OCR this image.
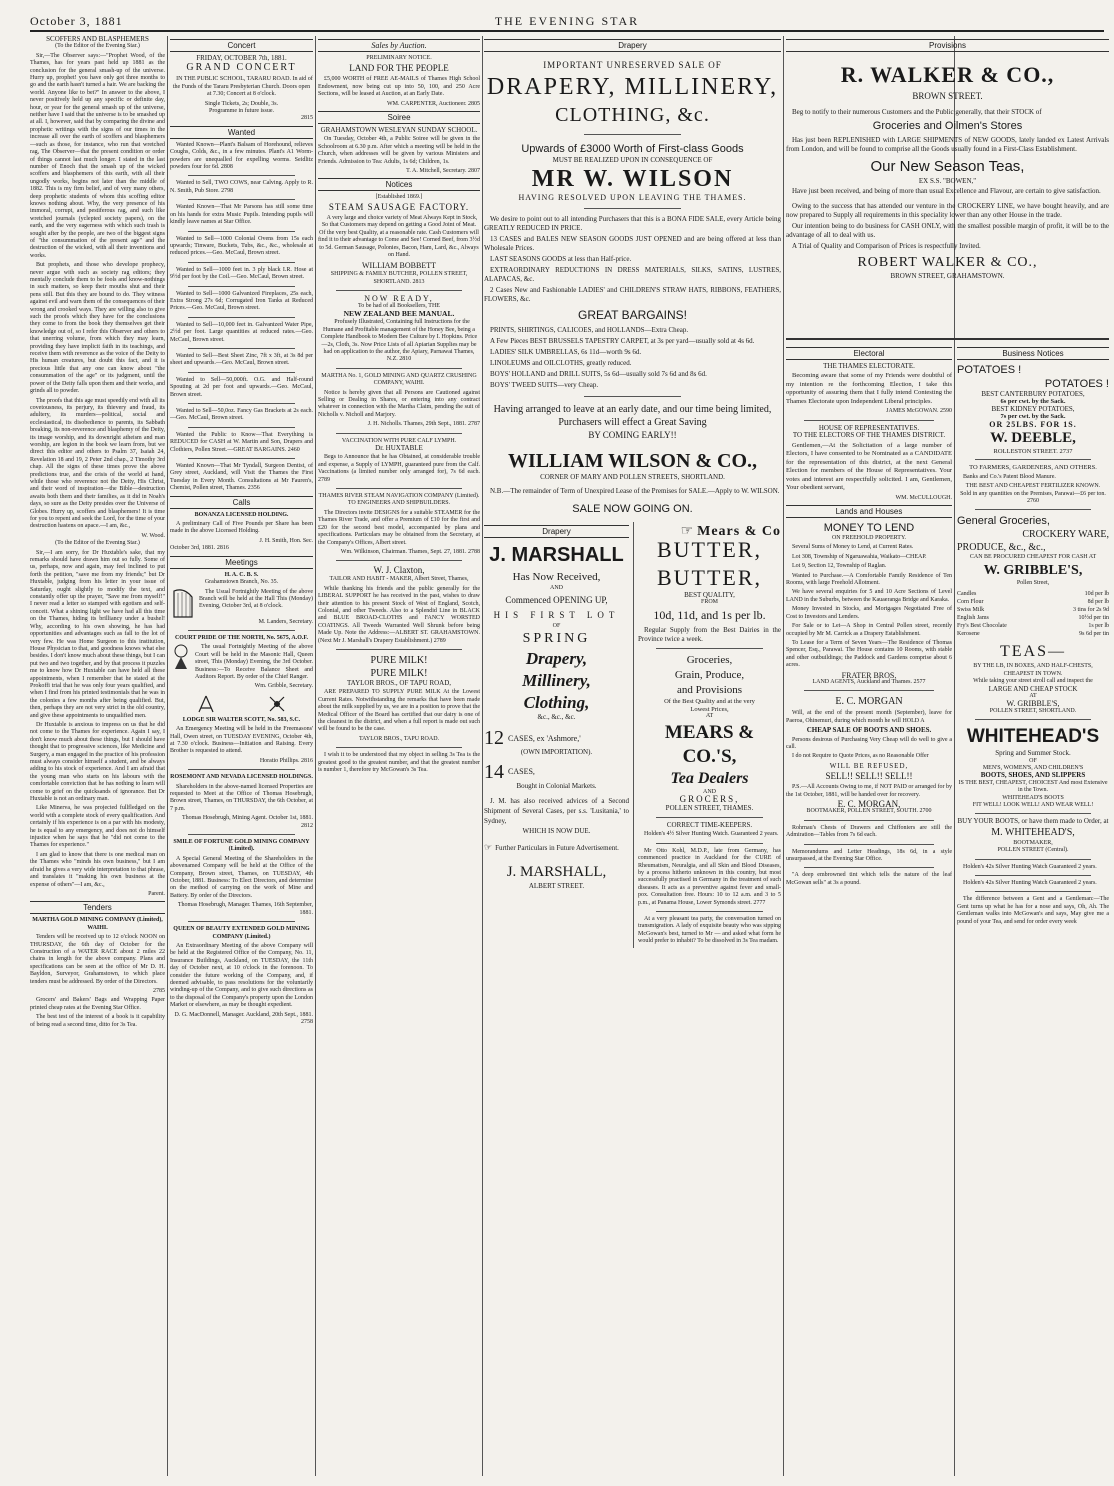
October 3, 1881	THE EVENING STAR
SCOFFERS AND BLASPHEMERS
(To the Editor of the Evening Star.)

Sir,—The Observer says:—"Prophet Wood, of the Thames, has for years past held up 1881 as the conclusion for the general smash-up of the universe. Hurry up, prophet! you have only got three months to go and the earth hasn't turned a hair. We are backing the world. Anyone like to bet?" In answer to the above, I never positively held up any specific or definite day, hour, or year for the general smash up of the universe, neither have I said that the universe is to be smashed up at all. I, however, said that by comparing the divine and prophetic writings with the signs of our times in the increase all over the earth of scoffers and blasphemers—such as those, for instance, who run that wretched rag, The Observer—that the present condition or order of things cannot last much longer. I stated in the last number of Enoch that the smash up of the wicked scoffers and blasphemers of this earth, with all their ungodly works, begins not later than the middle of 1882. This is my firm belief, and of very many others, deep prophetic students of whom this scoffing editor knows nothing about. Why, the very presence of his immoral, corrupt, and pestiferous rag, and such like wretched journals (yclepted society papers), on the earth, and the very eagerness with which such trash is sought after by the people, are two of the biggest signs of "the consummation of the present age" and the destruction of the wicked, with all their inventions and works.

But prophets, and those who develope prophecy, never argue with such as society rag editors; they mentally conclude them to be fools and know-nothings in such matters, so keep their mouths shut and their pens still. But this they are bound to do. They witness against evil and warn them of the consequences of their wrong and crooked ways. They are willing also to give such the proofs which they have for the conclusions they come to from the book they themselves get their knowledge out of, so I refer this Observer and others to that unerring volume, from which they may learn, providing they have implicit faith in its teachings, and receive them with reverence as the voice of the Deity to His human creatures, but doubt this fact, and it is precious little that any one can know about "the consummation of the age" or its judgment, until the power of the Deity falls upon them and their works, and grinds all to powder.

The proofs that this age must speedily end with all its covetousness, its perjury, its thievery and fraud, its adultery, its murders—political, social and ecclesiastical, its disobedience to parents, its Sabbath breaking, its non-reverence and blasphemy of the Deity, its image worship, and its downright atheism and man worship, are legion in the book we learn from, but we direct this editor and others to Psalm 37, Isaiah 24, Revelation 18 and 19, 2 Peter 2nd chap., 2 Timothy 3rd chap. All the signs of these times prove the above predictions true, and the crisis of the world at hand, while those who reverence not the Deity, His Christ, and their word of inspiration—the Bible—destruction awaits both them and their families, as it did in Noah's days, so sure as the Deity presides over the Universe of Globes. Hurry up, scoffers and blasphemers! It is time for you to repent and seek the Lord, for the time of your destruction hastens on apace.—I am, &c.,

W. Wood.
(To the Editor of the Evening Star.)

Sir,—I am sorry, for Dr Huxtable's sake, that my remarks should have drawn him out so fully. Some of us, perhaps, now and again, may feel inclined to put forth the petition, "save me from my friends;" but Dr Huxtable, judging from his letter in your issue of Saturday, ought slightly to modify the text, and constantly offer up the prayer, "Save me from myself!" I never read a letter so stamped with egotism and self-conceit. What a shining light we have had all this time on the Thames, hiding its brilliancy under a bushel! Why, according to his own showing, he has had opportunities and advantages such as fall to the lot of very few. He was Home Surgeon to this institution, House Physician to that, and goodness knows what else besides. I don't know much about these things, but I can put two and two together, and by that process it puzzles me to know how Dr Huxtable can have held all these appointments, when I remember that he stated at the Prokoffi trial that he was only four years qualified, and when I find from his printed testimonials that he was in the colonies a few months after being qualified. But, then, perhaps they are not very strict in the old country, and give these appointments to unqualified men.

Dr Huxtable is anxious to impress on us that he did not come to the Thames for experience. Again I say, I don't know much about these things, but I should have thought that to progressive sciences, like Medicine and Surgery, a man engaged in the practice of his profession must always consider himself a student, and be always adding to his stock of experience. And I am afraid that the young man who starts on his labours with the comfortable conviction that he has nothing to learn will come to grief on the quicksands of ignorance. But Dr Huxtable is not an ordinary man.

Like Minerva, he was projected fullfledged on the world with a complete stock of every qualification. And certainly if his experience is on a par with his modesty, he is equal to any emergency, and does not do himself injustice when he says that he "did not come to the Thames for experience."

I am glad to know that there is one medical man on the Thames who "minds his own business," but I am afraid he gives a very wide interpretation to that phrase, and translates it "making his own business at the expense of others"—I am, &c.,

Parent.
Tenders
MARTHA GOLD MINING COMPANY (Limited), WAIHI.

Tenders will be received up to 12 o'clock NOON on THURSDAY, the 6th day of October for the Construction of a WATER RACE about 2 miles 22 chains in length for the above company. Plans and specifications can be seen at the office of Mr D. H. Bayldon, Surveyor, Grahamstown, to which place tenders must be addressed. By order of the Directors.

2785

Grocers' and Bakers' Bags and Wrapping Paper printed cheap rates at the Evening Star Office.

The best test of the interest of a book is it capability of being read a second time, ditto for 3s Tea.

Concert
FRIDAY, OCTOBER 7th, 1881.
GRAND CONCERT

IN THE PUBLIC SCHOOL, TARARU ROAD. In aid of the Funds of the Tararu Presbyterian Church. Doors open at 7.30; Concert at 8 o'clock.

Single Tickets, 2s; Double, 3s.
Programme in future issue.
2815
Wanted

Wanted Known—Plant's Balsam of Horehound, relieves Coughs, Colds, &c., in a few minutes. Plant's A1 Worm-powders are unequalled for expelling worms. Seidlitz powders four for 6d. 2808

Wanted to Sell, TWO COWS, near Calving. Apply to R. N. Smith, Pub Store. 2798

Wanted Known—That Mr Parsons has still some time on his hands for extra Music Pupils. Intending pupils will kindly leave names at Star Office.

Wanted to Sell—1000 Colonial Ovens from 15s each upwards; Tinware, Buckets, Tubs, &c., &c., wholesale at reduced prices.—Geo. McCaul, Brown street.

Wanted to Sell—1000 feet in. 3 ply black I.R. Hose at 9½d per foot by the Coil.—Geo. McCaul, Brown street.

Wanted to Sell—1000 Galvanized Fireplaces, 25s each, Extra Strong 27s 6d; Corrugated Iron Tanks at Reduced Prices.—Geo. McCaul, Brown street.

Wanted to Sell—10,000 feet in. Galvanized Water Pipe, 2½d per foot. Large quantities at reduced rates.—Geo. McCaul, Brown street.

Wanted to Sell—Best Sheet Zinc, 7ft x 3ft, at 3s 8d per sheet and upwards.—Geo. McCaul, Brown street.

Wanted to Sell—50,000ft. O.G. and Half-round Spouting at 2d per foot and upwards.—Geo. McCaul, Brown street.

Wanted to Sell—50,0oz. Fancy Gas Brackets at 2s each.—Geo. McCaul, Brown street.

Wanted the Public to Know—That Everything is REDUCED for CASH at W. Martin and Son, Drapers and Clothiers, Pollen Street.—GREAT BARGAINS. 2460

Wanted Known—That Mr Tyndall, Surgeon Dentist, of Grey street, Auckland, will Visit the Thames the First Tuesday in Every Month. Consultations at Mr Fauren's, Chemist, Pollen street, Thames. 2356

Calls
BONANZA LICENSED HOLDING.

A preliminary Call of Five Pounds per Share has been made in the above Licensed Holding.

J. H. Smith, Hon. Sec.
October 3rd, 1881. 2816
Meetings
H. A. C. B. S.
Grahamstown Branch, No. 35.

The Usual Fortnightly Meeting of the above Branch will be held at the Hall This (Monday) Evening, October 3rd, at 8 o'clock.

M. Landers, Secretary.
COURT PRIDE OF THE NORTH, No. 5675, A.O.F.

The usual Fortnightly Meeting of the above Court will be held in the Masonic Hall, Queen street, This (Monday) Evening, the 3rd October. Business:—To Receive Balance Sheet and Auditors Report. By order of the Chief Ranger.

Wm. Gribble, Secretary.
LODGE SIR WALTER SCOTT, No. 583, S.C.

An Emergency Meeting will be held in the Freemasons' Hall, Owen street, on TUESDAY EVENING, October 4th, at 7.30 o'clock. Business—Initiation and Raising. Every Brother is requested to attend.

Horatio Phillips. 2816
ROSEMONT AND NEVADA LICENSED HOLDINGS.

Shareholders in the above-named licensed Properties are requested to Meet at the Office of Thomas Hosebrugh, Brown street, Thames, on THURSDAY, the 6th October, at 7 p.m.

Thomas Hosebrugh, Mining Agent. October 1st, 1881. 2812
SMILE OF FORTUNE GOLD MINING COMPANY (Limited).

A Special General Meeting of the Shareholders in the abovenamed Company will be held at the Office of the Company, Brown street, Thames, on TUESDAY, 4th October, 1881. Business: To Elect Directors, and determine on the method of carrying on the work of Mine and Battery. By order of the Directors.

Thomas Hosebrugh, Manager. Thames, 16th September, 1881.
QUEEN OF BEAUTY EXTENDED GOLD MINING COMPANY (Limited.)

An Extraordinary Meeting of the above Company will be held at the Registered Office of the Company, No. 11, Insurance Buildings, Auckland, on TUESDAY, the 11th day of October next, at 10 o'clock in the forenoon. To consider the future working of the Company, and, if deemed advisable, to pass resolutions for the voluntarily winding-up of the Company, and to give such directions as to the disposal of the Company's property upon the London Market or elsewhere, as may be thought expedient.

D. G. MacDonnell, Manager. Auckland, 20th Sept., 1881. 2758
Sales by Auction.
PRELIMINARY NOTICE.
LAND FOR THE PEOPLE

£5,000 WORTH of FREE AE-MAILS of Thames High School Endowment, now being cut up into 50, 100, and 250 Acre Sections, will be leased at Auction, at an Early Date.

WM. CARPENTER, Auctioneer. 2805
Soiree
GRAHAMSTOWN WESLEYAN SUNDAY SCHOOL.

On Tuesday, October 4th, a Public Soiree will be given in the Schoolroom at 6.30 p.m. After which a meeting will be held in the Church, when addresses will be given by various Ministers and Friends. Admission to Tea: Adults, 1s 6d; Children, 1s.

T. A. Mitchell, Secretary. 2807
Notices
[Established 1869.]
STEAM SAUSAGE FACTORY.

A very large and choice variety of Meat Always Kept in Stock, So that Customers may depend on getting a Good Joint of Meat. Of the very best Quality, at a reasonable rate. Cash Customers will find it to their advantage to Come and See! Corned Beef, from 3½d to 5d. German Sausage, Polonies, Bacon, Ham, Lard, &c., Always on Hand.

WILLIAM BOBBETT
SHIPPING & FAMILY BUTCHER, POLLEN STREET, SHORTLAND. 2813
NOW READY,
To be had of all Booksellers, THE
NEW ZEALAND BEE MANUAL.

Profusely Illustrated, Containing full Instructions for the Humane and Profitable management of the Honey Bee, being a Complete Handbook to Modern Bee Culture by I. Hopkins. Price—2s, Cloth, 3s. Now Price Lists of all Apiarian Supplies may be had on application to the author, the Apiary, Parnawai Thames, N.Z. 2810

MARTHA No. 1, GOLD MINING AND QUARTZ CRUSHING COMPANY, WAIHI.

Notice is hereby given that all Persons are Cautioned against Selling or Dealing in Shares, or entering into any contract whatever in connection with the Martha Claim, pending the suit of Nicholls v. Nicholl and Marjory.

J. H. Nicholls. Thames, 29th Sept., 1881. 2787
VACCINATION WITH PURE CALF LYMPH.
Dr. HUXTABLE

Begs to Announce that he has Obtained, at considerable trouble and expense, a Supply of LYMPH, guaranteed pure from the Calf. Vaccinations (a limited number only arranged for), 7s 6d each. 2789

THAMES RIVER STEAM NAVIGATION COMPANY (Limited).
TO ENGINEERS AND SHIPBUILDERS.

The Directors invite DESIGNS for a suitable STEAMER for the Thames River Trade, and offer a Premium of £10 for the first and £20 for the second best model, accompanied by plans and specifications. Particulars may be obtained from the Secretary, at the Company's Offices, Albert street.

Wm. Wilkinson, Chairman. Thames, Sept. 27, 1881. 2788
W. J. Claxton,
TAILOR AND HABIT - MAKER, Albert Street, Thames,

While thanking his friends and the public generally for the LIBERAL SUPPORT he has received in the past, wishes to draw their attention to his present Stock of West of England, Scotch, Colonial, and other Tweeds. Also to a Splendid Line in BLACK and BLUE BROAD-CLOTHS and FANCY WORSTED COATINGS. All Tweeds Warranted Well Shrunk before being Made Up. Note the Address:—ALBERT ST. GRAHAMSTOWN. (Next Mr J. Marshall's Drapery Establishment.) 2789

PURE MILK!
PURE MILK!
TAYLOR BROS., OF TAPU ROAD,

ARE PREPARED TO SUPPLY PURE MILK At the Lowest Current Rates. Notwithstanding the remarks that have been made about the milk supplied by us, we are in a position to prove that the Medical Officer of the Board has certified that our dairy is one of the cleanest in the district, and when a full report is made out such will be found to be the case.

TAYLOR BROS., TAPU ROAD.

I wish it to be understood that my object in selling 3s Tea is the greatest good to the greatest number, and that the greatest number is number 1, therefore try McGowan's 3s Tea.

Drapery
IMPORTANT UNRESERVED SALE OF
DRAPERY, MILLINERY,
CLOTHING, &c.
Upwards of £3000 Worth of First-class Goods
MUST BE REALIZED UPON IN CONSEQUENCE OF
MR W. WILSON
HAVING RESOLVED UPON LEAVING THE THAMES.

We desire to point out to all intending Purchasers that this is a BONA FIDE SALE, every Article being GREATLY REDUCED IN PRICE.

13 CASES and BALES NEW SEASON GOODS JUST OPENED and are being offered at less than Wholesale Prices.

LAST SEASONS GOODS at less than Half-price.

EXTRAORDINARY REDUCTIONS IN DRESS MATERIALS, SILKS, SATINS, LUSTRES, ALAPACAS, &c.

2 Cases New and Fashionable LADIES' and CHILDREN'S STRAW HATS, RIBBONS, FEATHERS, FLOWERS, &c.

GREAT BARGAINS!

PRINTS, SHIRTINGS, CALICOES, and HOLLANDS—Extra Cheap.

A Few Pieces BEST BRUSSELS TAPESTRY CARPET, at 3s per yard—usually sold at 4s 6d.

LADIES' SILK UMBRELLAS, 6s 11d—worth 9s 6d.

LINOLEUMS and OILCLOTHS, greatly reduced.

BOYS' HOLLAND and DRILL SUITS, 5s 6d—usually sold 7s 6d and 8s 6d.

BOYS' TWEED SUITS—very Cheap.

Having arranged to leave at an early date, and our time being limited, Purchasers will effect a Great Saving
BY COMING EARLY!!
WILLIAM WILSON & CO.,
CORNER OF MARY AND POLLEN STREETS, SHORTLAND.

N.B.—The remainder of Term of Unexpired Lease of the Premises for SALE.—Apply to W. WILSON.

SALE NOW GOING ON.
Drapery
J. MARSHALL
Has Now Received,
AND
Commenced OPENING UP,
HIS FIRST LOT
OF
SPRING
Drapery,
Millinery,
Clothing,
&c., &c., &c.
12 CASES, ex 'Ashmore,'
(OWN IMPORTATION).
14 CASES,
Bought in Colonial Markets.

J. M. has also received advices of a Second Shipment of Several Cases, per s.s. 'Lusitania,' to Sydney,

WHICH IS NOW DUE.
☞ Further Particulars in Future Advertisement.
J. MARSHALL,
ALBERT STREET.
☞ Mears & Co
BUTTER,
BUTTER,
BEST QUALITY,
FROM
10d, 11d, and 1s per lb.

Regular Supply from the Best Dairies in the Province twice a week.

Groceries,
Grain, Produce,
and Provisions
Of the Best Quality and at the very
Lowest Prices,
AT
MEARS & CO.'S,
Tea Dealers
AND
GROCERS,
POLLEN STREET, THAMES.
CORRECT TIME-KEEPERS.

Holden's 4½ Silver Hunting Watch. Guaranteed 2 years.

Mr Otto Kohl, M.D.P., late from Germany, has commenced practice in Auckland for the CURE of Rheumatism, Neuralgia, and all Skin and Blood Diseases, by a process hitherto unknown in this country, but most successfully practised in Germany in the treatment of such diseases. It acts as a preventive against fever and small-pox. Consultation free. Hours: 10 to 12 a.m. and 3 to 5 p.m., at Panama House, Lower Symonds street. 2777

At a very pleasant tea party, the conversation turned on transmigration. A lady of exquisite beauty who was sipping McGowan's best, turned to Mr — and asked what form he would prefer to inhabit? To be dissolved in 3s Tea madam.

Provisions
R. WALKER & CO.,
BROWN STREET.

Beg to notify to their numerous Customers and the Public generally, that their STOCK of

Groceries and Oilmen's Stores

Has just been REPLENISHED with LARGE SHIPMENTS of NEW GOODS, lately landed ex Latest Arrivals from London, and will be found to comprise all the Goods usually found in a First-Class Establishment.

Our New Season Teas,
EX S.S. "BOWEN,"

Have just been received, and being of more than usual Excellence and Flavour, are certain to give satisfaction.

Owing to the success that has attended our venture in the CROCKERY LINE, we have bought heavily, and are now prepared to Supply all requirements in this speciality lower than any other House in the trade.

Our intention being to do business for CASH ONLY, with the smallest possible margin of profit, it will be to the advantage of all to deal with us.

A Trial of Quality and Comparison of Prices is respectfully Invited.

ROBERT WALKER & CO.,
BROWN STREET, GRAHAMSTOWN.
Electoral
THE THAMES ELECTORATE.

Becoming aware that some of my Friends were doubtful of my intention re the forthcoming Election, I take this opportunity of assuring them that I fully intend Contesting the Thames Electorate upon Independent Liberal principles.

JAMES McGOWAN. 2590
HOUSE OF REPRESENTATIVES.
TO THE ELECTORS OF THE THAMES DISTRICT.

Gentlemen,—At the Solicitation of a large number of Electors, I have consented to be Nominated as a CANDIDATE for the representation of this district, at the next General Election for members of the House of Representatives. Your votes and interest are respectfully solicited. I am, Gentlemen, Your obedient servant,

WM. McCULLOUGH.
Lands and Houses
MONEY TO LEND
ON FREEHOLD PROPERTY.

Several Sums of Money to Lend, at Current Rates.

Lot 308, Township of Ngaruawahia, Waikato—CHEAP.

Lot 9, Section 12, Township of Raglan.

Wanted to Purchase.—A Comfortable Family Residence of Ten Rooms, with large Freehold Allotment.

We have several enquiries for 5 and 10 Acre Sections of Level LAND in the Suburbs, between the Kauaeranga Bridge and Karaka.

Money Invested in Stocks, and Mortgages Negotiated Free of Cost to Investors and Lenders.

For Sale or to Let—A Shop in Central Pollen street, recently occupied by Mr M. Carrick as a Drapery Establishment.

To Lease for a Term of Seven Years—The Residence of Thomas Spencer, Esq., Parawai. The House contains 10 Rooms, with stable and other outbuildings; the Paddock and Gardens comprise about 6 acres.

FRATER BROS.
LAND AGENTS, Auckland and Thames. 2577
E. C. MORGAN

Will, at the end of the present month (September), leave for Paeroa, Ohinemuri, during which month he will HOLD A

CHEAP SALE OF BOOTS AND SHOES.

Persons desirous of Purchasing Very Cheap will do well to give a call.

I do not Require to Quote Prices, as no Reasonable Offer

WILL BE REFUSED,
SELL!! SELL!! SELL!!

P.S.—All Accounts Owing to me, if NOT PAID or arranged for by the 1st October, 1881, will be handed over for recovery.

E. C. MORGAN,
BOOTMAKER, POLLEN STREET, SOUTH. 2700

Rohrnau's Chests of Drawers and Chiffoniers are still the Admiration—Tables from 7s 6d each.

Memorandums and Letter Headings, 18s 6d, in a style unsurpassed, at the Evening Star Office.

"A deep embrowned tint which tells the nature of the leaf McGowan sells" at 3s a pound.

Business Notices
POTATOES !
POTATOES !
BEST CANTERBURY POTATOES,
6s per cwt. by the Sack.
BEST KIDNEY POTATOES,
7s per cwt. by the Sack.
OR 25LBS. FOR 1S.
W. DEEBLE,
ROLLESTON STREET. 2737
TO FARMERS, GARDENERS, AND OTHERS.

Banks and Co.'s Patent Blood Manure.

THE BEST AND CHEAPEST FERTILIZER KNOWN.
Sold in any quantities on the Premises, Parawai—£6 per ton. 2760
General Groceries,
CROCKERY WARE,
PRODUCE, &c., &c.,
CAN BE PROCURED CHEAPEST FOR CASH AT
W. GRIBBLE'S,
Pollen Street,
Candles	10d per lb
Corn Flour	8d per lb
Swiss Milk	3 tins for 2s 9d
English Jams	10½d per tin
Fry's Best Chocolate	1s per lb
Kerosene	9s 6d per tin
TEAS—
BY THE LB, IN BOXES, AND HALF-CHESTS,
CHEAPEST IN TOWN.
While taking your street stroll call and inspect the
LARGE AND CHEAP STOCK
AT
W. GRIBBLE'S,
POLLEN STREET, SHORTLAND.
WHITEHEAD'S
Spring and Summer Stock.
OF
MEN'S, WOMEN'S, AND CHILDREN'S
BOOTS, SHOES, AND SLIPPERS
IS THE BEST, CHEAPEST, CHOICEST And most Extensive in the Town.
WHITEHEAD'S BOOTS
FIT WELL! LOOK WELL! AND WEAR WELL!
BUY YOUR BOOTS, or have them made to Order, at
M. WHITEHEAD'S,
BOOTMAKER,
POLLEN STREET (Central).

Holden's 42s Silver Hunting Watch Guaranteed 2 years.

Holden's 42s Silver Hunting Watch Guaranteed 2 years.

The difference between a Gent and a Gentleman:—The Gent turns up what he has for a nose and says, Oh, Ah. The Gentleman walks into McGowan's and says, May give me a pound of your Tea, and send for order every week
